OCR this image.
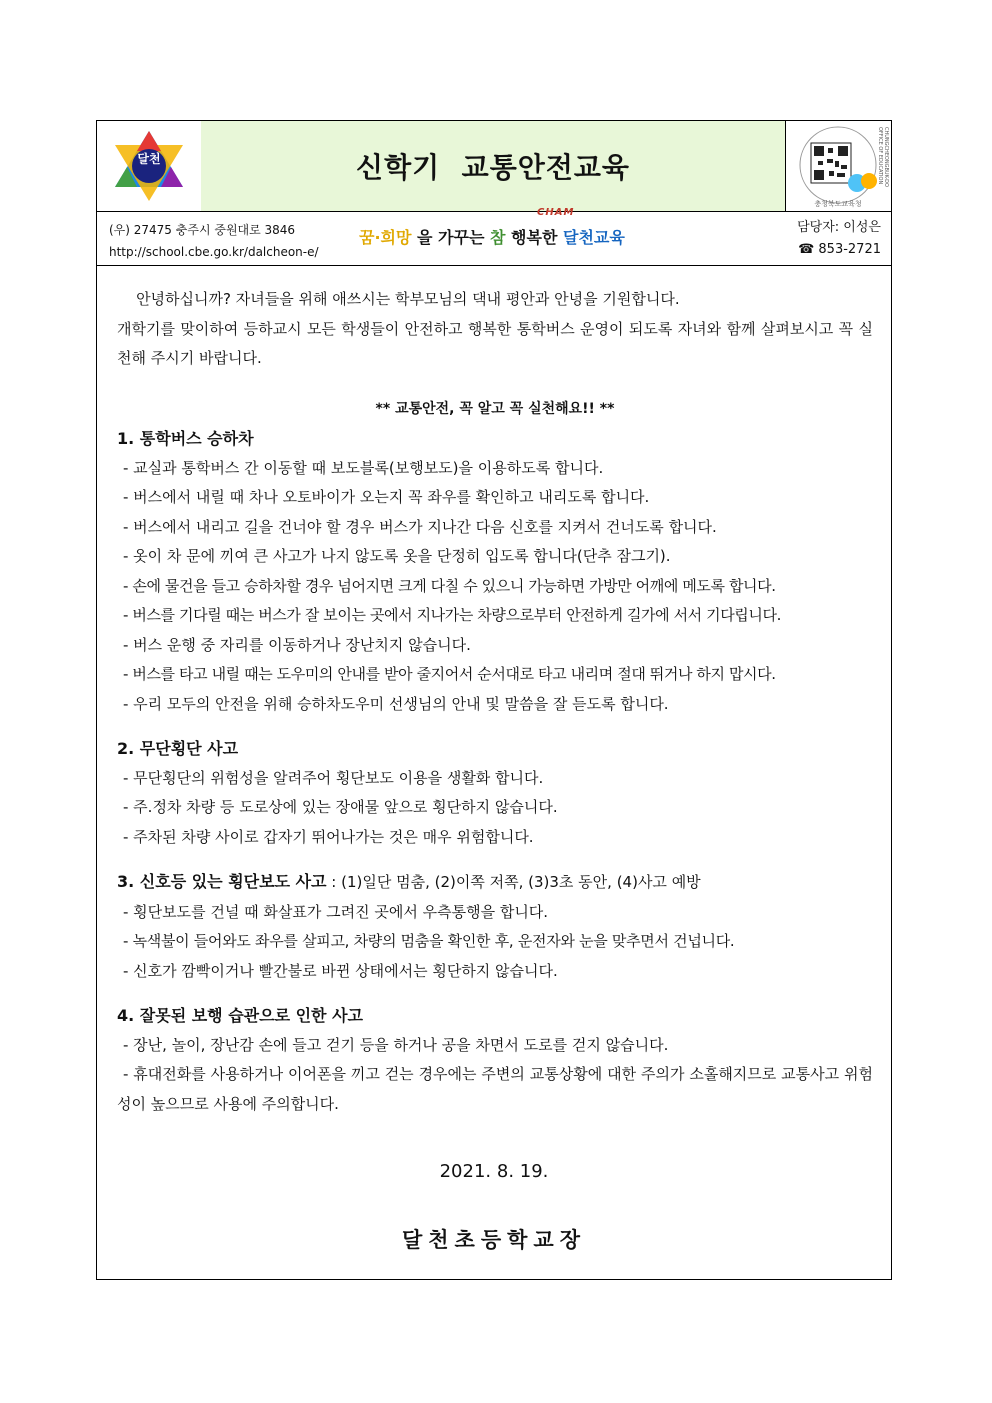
달천	신학기  교통안전교육	CHUNGCHEONGBUK-DO OFFICE OF EDUCATION
충청북도교육청
(우) 27475 충주시 중원대로 3846
http://school.cbe.go.kr/dalcheon-e/
담당자: 이성은
☎ 853-2721
CHAM
꿈·희망 을 가꾸는 참 행복한 달천교육

안녕하십니까? 자녀들을 위해 애쓰시는 학부모님의 댁내 평안과 안녕을 기원합니다.

개학기를 맞이하여 등하교시 모든 학생들이 안전하고 행복한 통학버스 운영이 되도록 자녀와 함께 살펴보시고 꼭 실천해 주시기 바랍니다.

** 교통안전, 꼭 알고 꼭 실천해요!! **

1. 통학버스 승하차

- 교실과 통학버스 간 이동할 때 보도블록(보행보도)을 이용하도록 합니다.

- 버스에서 내릴 때 차나 오토바이가 오는지 꼭 좌우를 확인하고 내리도록 합니다.

- 버스에서 내리고 길을 건너야 할 경우 버스가 지나간 다음 신호를 지켜서 건너도록 합니다.

- 옷이 차 문에 끼여 큰 사고가 나지 않도록 옷을 단정히 입도록 합니다(단추 잠그기).

- 손에 물건을 들고 승하차할 경우 넘어지면 크게 다칠 수 있으니 가능하면 가방만 어깨에 메도록 합니다.

- 버스를 기다릴 때는 버스가 잘 보이는 곳에서 지나가는 차량으로부터 안전하게 길가에 서서 기다립니다.

- 버스 운행 중 자리를 이동하거나 장난치지 않습니다.

- 버스를 타고 내릴 때는 도우미의 안내를 받아 줄지어서 순서대로 타고 내리며 절대 뛰거나 하지 맙시다.

- 우리 모두의 안전을 위해 승하차도우미 선생님의 안내 및 말씀을 잘 듣도록 합니다.

2. 무단횡단 사고

- 무단횡단의 위험성을 알려주어 횡단보도 이용을 생활화 합니다.

- 주.정차 차량 등 도로상에 있는 장애물 앞으로 횡단하지 않습니다.

- 주차된 차량 사이로 갑자기 뛰어나가는 것은 매우 위험합니다.

3. 신호등 있는 횡단보도 사고 : (1)일단 멈춤, (2)이쪽 저쪽, (3)3초 동안, (4)사고 예방

- 횡단보도를 건널 때 화살표가 그려진 곳에서 우측통행을 합니다.

- 녹색불이 들어와도 좌우를 살피고, 차량의 멈춤을 확인한 후, 운전자와 눈을 맞추면서 건넙니다.

- 신호가 깜빡이거나 빨간불로 바뀐 상태에서는 횡단하지 않습니다.

4. 잘못된 보행 습관으로 인한 사고

- 장난, 놀이, 장난감 손에 들고 걷기 등을 하거나 공을 차면서 도로를 걷지 않습니다.

- 휴대전화를 사용하거나 이어폰을 끼고 걷는 경우에는 주변의 교통상황에 대한 주의가 소홀해지므로 교통사고 위험성이 높으므로 사용에 주의합니다.

2021. 8. 19.
달천초등학교장
